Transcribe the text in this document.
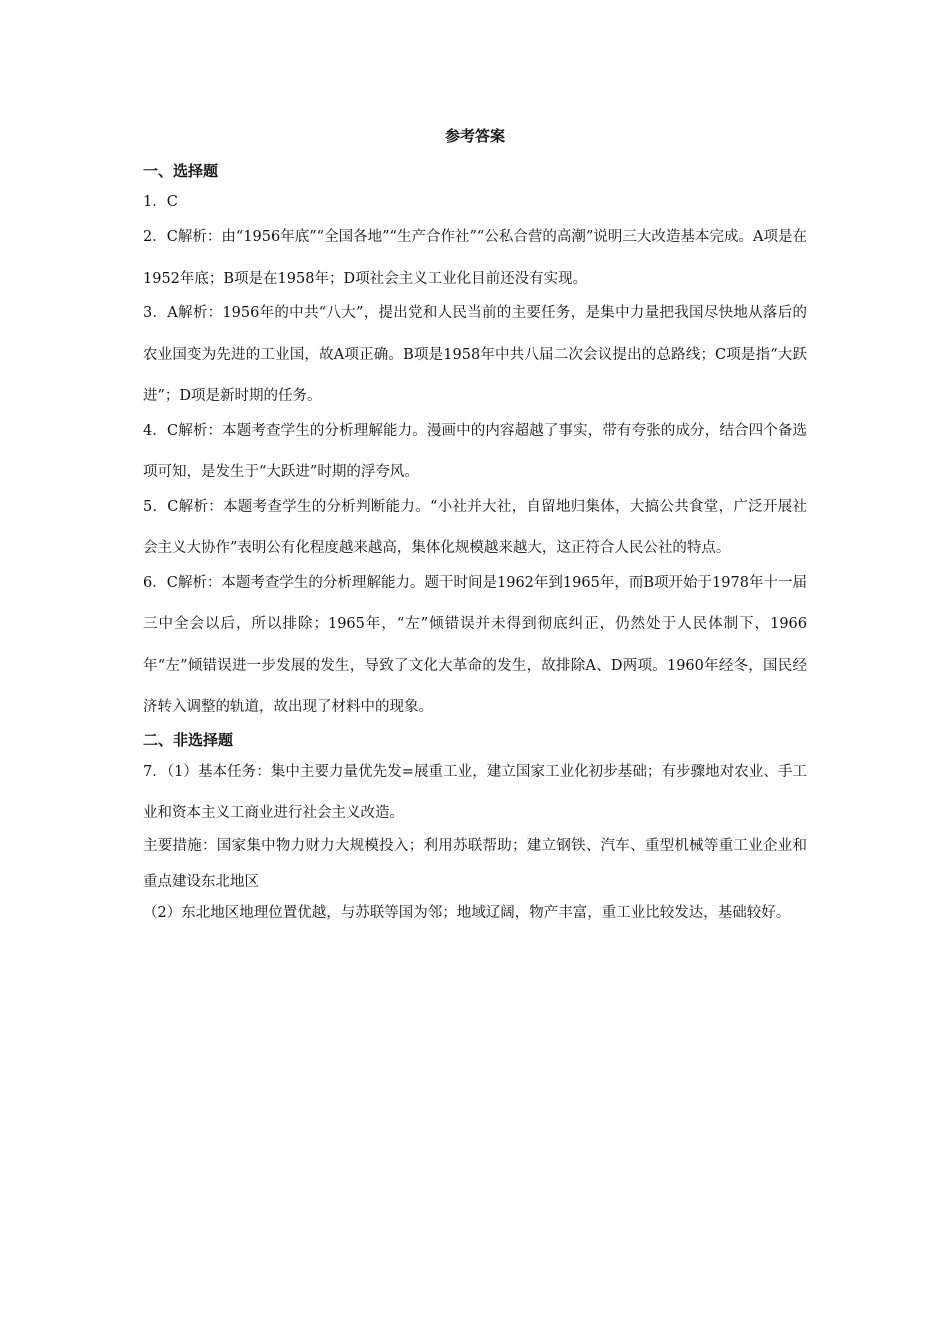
参考答案
一、选择题
1．C
2．C解析：由“1956年底”“全国各地”“生产合作社”“公私合营的高潮”说明三大改造基本完成。A项是在1952年底；B项是在1958年；D项社会主义工业化目前还没有实现。
3．A解析：1956年的中共“八大”，提出党和人民当前的主要任务，是集中力量把我国尽快地从落后的农业国变为先进的工业国，故A项正确。B项是1958年中共八届二次会议提出的总路线；C项是指“大跃进”；D项是新时期的任务。
4．C解析：本题考查学生的分析理解能力。漫画中的内容超越了事实，带有夸张的成分，结合四个备选项可知，是发生于“大跃进”时期的浮夸风。
5．C解析：本题考查学生的分析判断能力。“小社并大社，自留地归集体，大搞公共食堂，广泛开展社会主义大协作”表明公有化程度越来越高，集体化规模越来越大，这正符合人民公社的特点。
6．C解析：本题考查学生的分析理解能力。题干时间是1962年到1965年，而B项开始于1978年十一届三中全会以后，所以排除；1965年，“左”倾错误并未得到彻底纠正，仍然处于人民体制下，1966年“左”倾错误进一步发展的发生，导致了文化大革命的发生，故排除A、D两项。1960年经冬，国民经济转入调整的轨道，故出现了材料中的现象。
二、非选择题
7．（1）基本任务：集中主要力量优先发=展重工业，建立国家工业化初步基础；有步骤地对农业、手工业和资本主义工商业进行社会主义改造。
主要措施：国家集中物力财力大规模投入；利用苏联帮助；建立钢铁、汽车、重型机械等重工业企业和重点建设东北地区
（2）东北地区地理位置优越，与苏联等国为邻；地域辽阔，物产丰富，重工业比较发达，基础较好。
